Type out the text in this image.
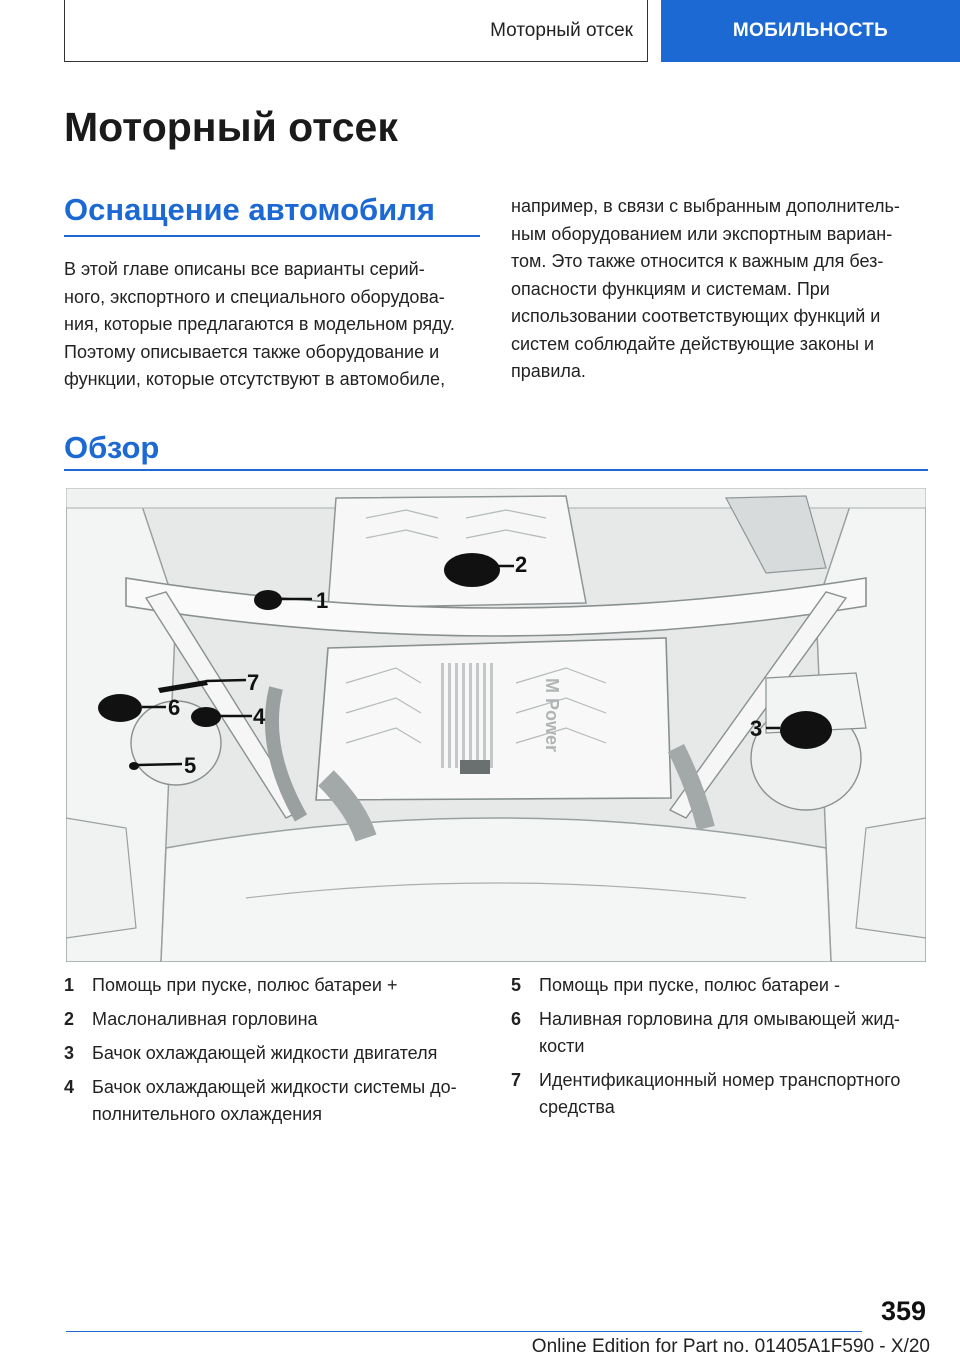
Моторный отсек	МОБИЛЬНОСТЬ
Моторный отсек
Оснащение автомобиля

В этой главе описаны все варианты серий-
ного, экспортного и специального оборудова-
ния, которые предлагаются в модельном ряду.
Поэтому описывается также оборудование и
функции, которые отсутствуют в автомобиле,

например, в связи с выбранным дополнитель-
ным оборудованием или экспортным вариан-
том. Это также относится к важным для без-
опасности функциям и системам. При
использовании соответствующих функций и
систем соблюдайте действующие законы и
правила.

Обзор
M Power
1
2
3
4
5
6
7
1 Помощь при пуске, полюс батареи +
2 Маслоналивная горловина
3 Бачок охлаждающей жидкости двигателя
4 Бачок охлаждающей жидкости системы до-
полнительного охлаждения
5 Помощь при пуске, полюс батареи -
6 Наливная горловина для омывающей жид-
кости
7 Идентификационный номер транспортного
средства
359
Online Edition for Part no. 01405A1F590 - X/20
